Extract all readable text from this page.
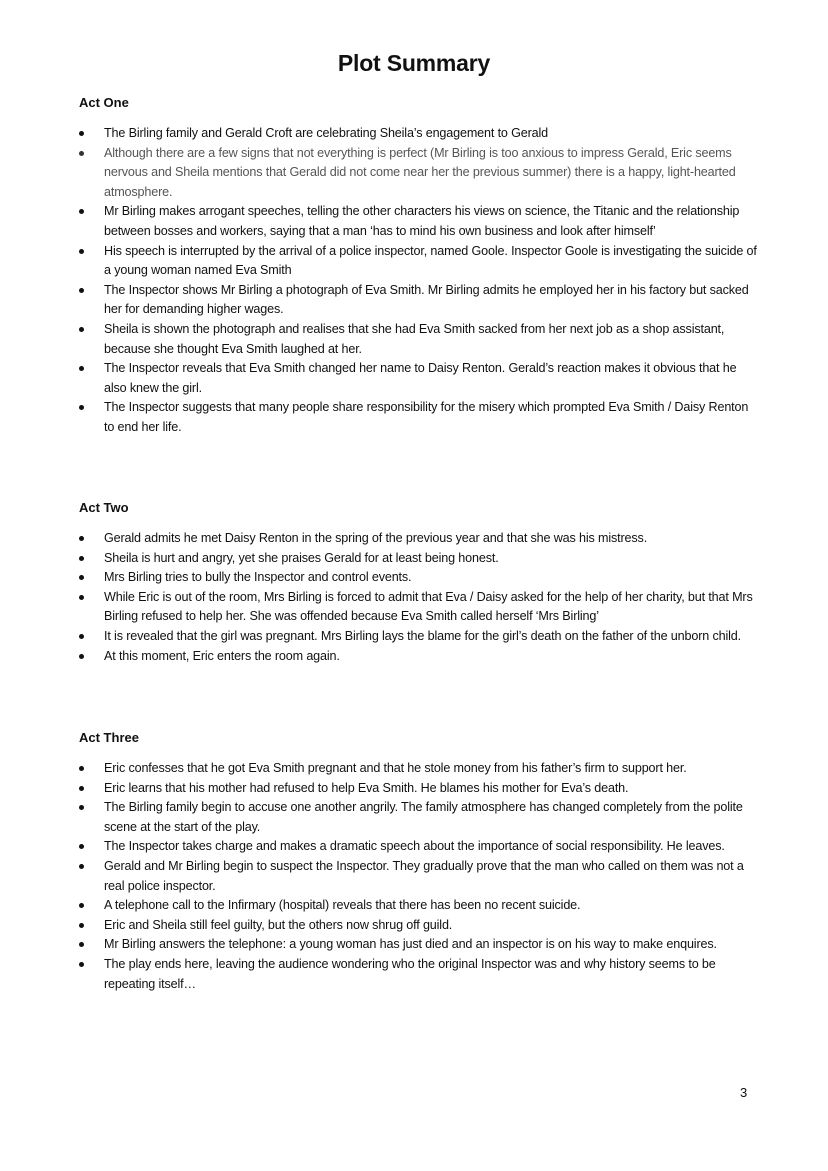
Plot Summary
Act One
The Birling family and Gerald Croft are celebrating Sheila’s engagement to Gerald
Although there are a few signs that not everything is perfect (Mr Birling is too anxious to impress Gerald, Eric seems nervous and Sheila mentions that Gerald did not come near her the previous summer) there is a happy, light-hearted atmosphere.
Mr Birling makes arrogant speeches, telling the other characters his views on science, the Titanic and the relationship between bosses and workers, saying that a man ‘has to mind his own business and look after himself’
His speech is interrupted by the arrival of a police inspector, named Goole. Inspector Goole is investigating the suicide of a young woman named Eva Smith
The Inspector shows Mr Birling a photograph of Eva Smith. Mr Birling admits he employed her in his factory but sacked her for demanding higher wages.
Sheila is shown the photograph and realises that she had Eva Smith sacked from her next job as a shop assistant, because she thought Eva Smith laughed at her.
The Inspector reveals that Eva Smith changed her name to Daisy Renton. Gerald’s reaction makes it obvious that he also knew the girl.
The Inspector suggests that many people share responsibility for the misery which prompted Eva Smith / Daisy Renton to end her life.
Act Two
Gerald admits he met Daisy Renton in the spring of the previous year and that she was his mistress.
Sheila is hurt and angry, yet she praises Gerald for at least being honest.
Mrs Birling tries to bully the Inspector and control events.
While Eric is out of the room, Mrs Birling is forced to admit that Eva / Daisy asked for the help of her charity, but that Mrs Birling refused to help her. She was offended because Eva Smith called herself ‘Mrs Birling’
It is revealed that the girl was pregnant. Mrs Birling lays the blame for the girl’s death on the father of the unborn child.
At this moment, Eric enters the room again.
Act Three
Eric confesses that he got Eva Smith pregnant and that he stole money from his father’s firm to support her.
Eric learns that his mother had refused to help Eva Smith. He blames his mother for Eva’s death.
The Birling family begin to accuse one another angrily. The family atmosphere has changed completely from the polite scene at the start of the play.
The Inspector takes charge and makes a dramatic speech about the importance of social responsibility. He leaves.
Gerald and Mr Birling begin to suspect the Inspector. They gradually prove that the man who called on them was not a real police inspector.
A telephone call to the Infirmary (hospital) reveals that there has been no recent suicide.
Eric and Sheila still feel guilty, but the others now shrug off guild.
Mr Birling answers the telephone: a young woman has just died and an inspector is on his way to make enquires.
The play ends here, leaving the audience wondering who the original Inspector was and why history seems to be repeating itself…
3
